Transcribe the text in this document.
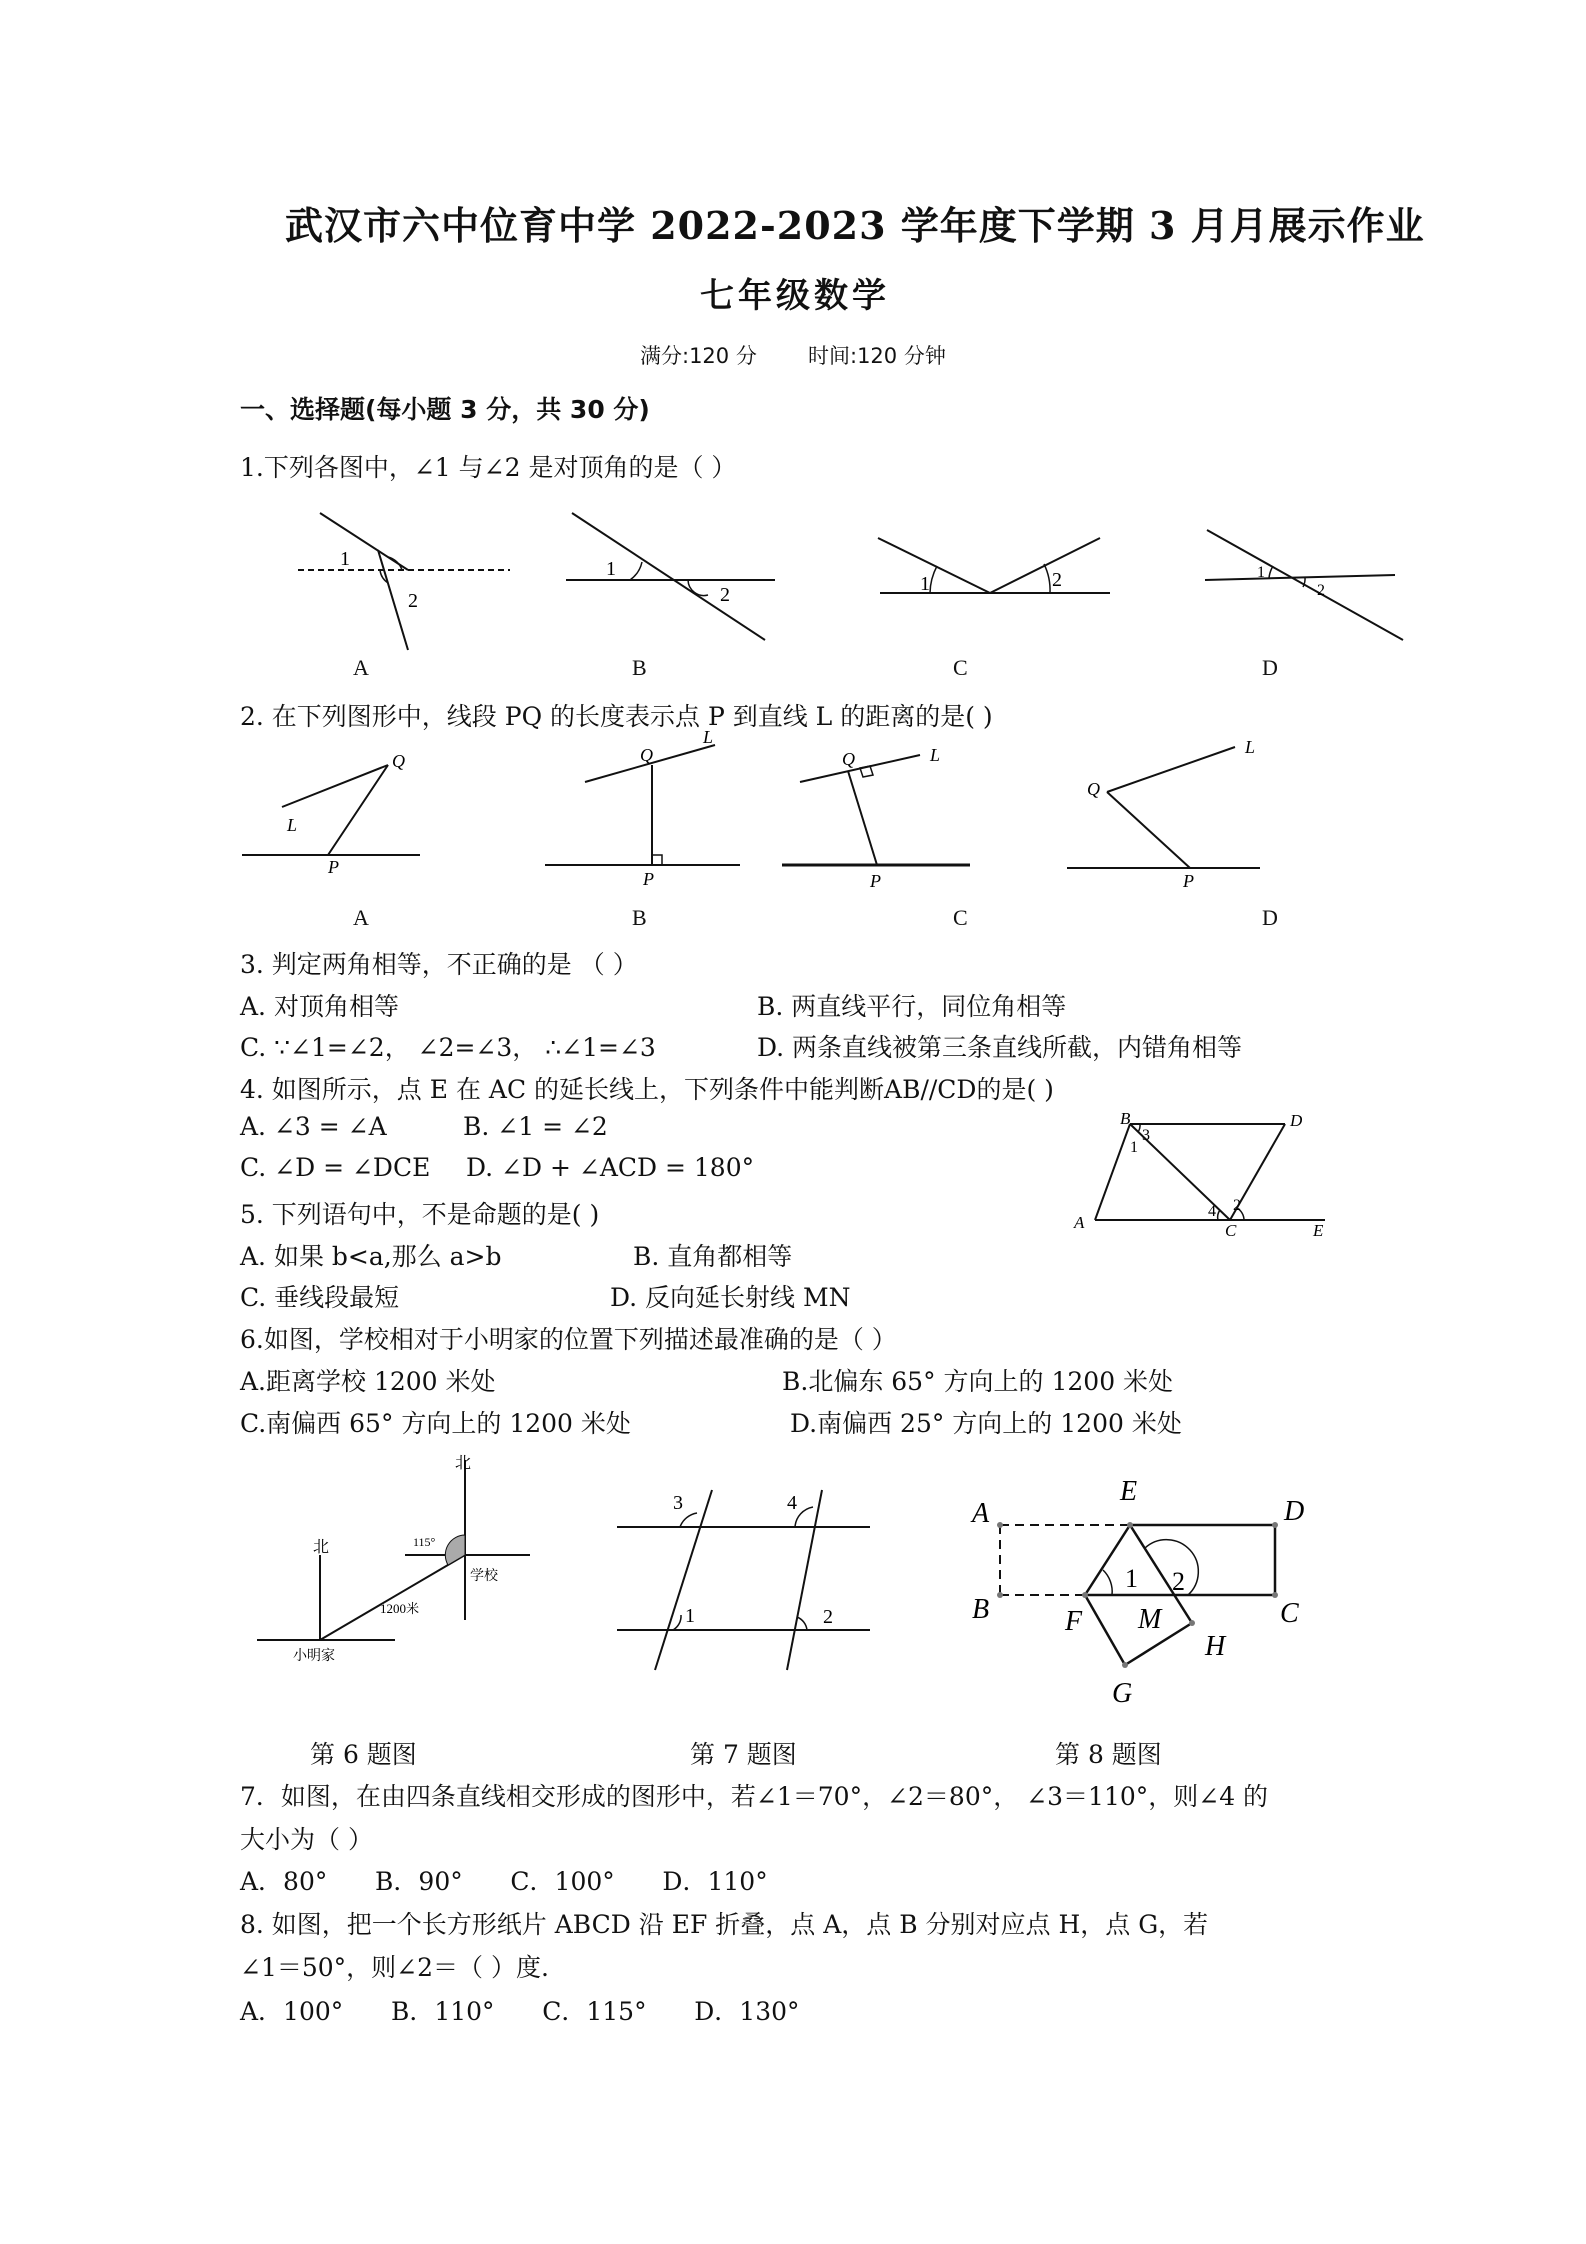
武汉市六中位育中学 2022-2023 学年度下学期 3 月月展示作业
七年级数学
满分:120 分 时间:120 分钟
一、选择题(每小题 3 分，共 30 分)
1.下列各图中，∠1 与∠2 是对顶角的是（ ）
1
2
A
1
2
B
1	2
C
1
2
D
2. 在下列图形中，线段 PQ 的长度表示点 P 到直线 L 的距离的是( )
Q
L
P
A
Q
L
P
B
Q	L
P
C
Q
L
P
D
3. 判定两角相等，不正确的是 （ ）
A. 对顶角相等	B. 两直线平行，同位角相等
C. ∵∠1=∠2， ∠2=∠3， ∴∠1=∠3	D. 两条直线被第三条直线所截，内错角相等
4. 如图所示，点 E 在 AC 的延长线上，下列条件中能判断AB//CD的是( )
A. ∠3 = ∠A	B. ∠1 = ∠2
C. ∠D = ∠DCE D. ∠D + ∠ACD = 180°
B	D
A	C	E
3
1
2
4
5. 下列语句中，不是命题的是( )
A. 如果 b<a,那么 a>b	B. 直角都相等
C. 垂线段最短	D. 反向延长射线 MN
6.如图，学校相对于小明家的位置下列描述最准确的是（ ）
A.距离学校 1200 米处	B.北偏东 65° 方向上的 1200 米处
C.南偏西 65° 方向上的 1200 米处	D.南偏西 25° 方向上的 1200 米处
北
北	115°
学校
1200米
小明家
3	4
1	2
A
B
E
D
C
F M
H
G
1 2
第 6 题图	第 7 题图	第 8 题图
7．如图，在由四条直线相交形成的图形中，若∠1＝70°，∠2＝80°， ∠3＝110°，则∠4 的
大小为（ ）
A．80°      B．90°      C．100°      D．110°
8. 如图，把一个长方形纸片 ABCD 沿 EF 折叠，点 A，点 B 分别对应点 H，点 G，若
∠1＝50°，则∠2＝（ ）度.
A．100°      B．110°      C．115°      D．130°
